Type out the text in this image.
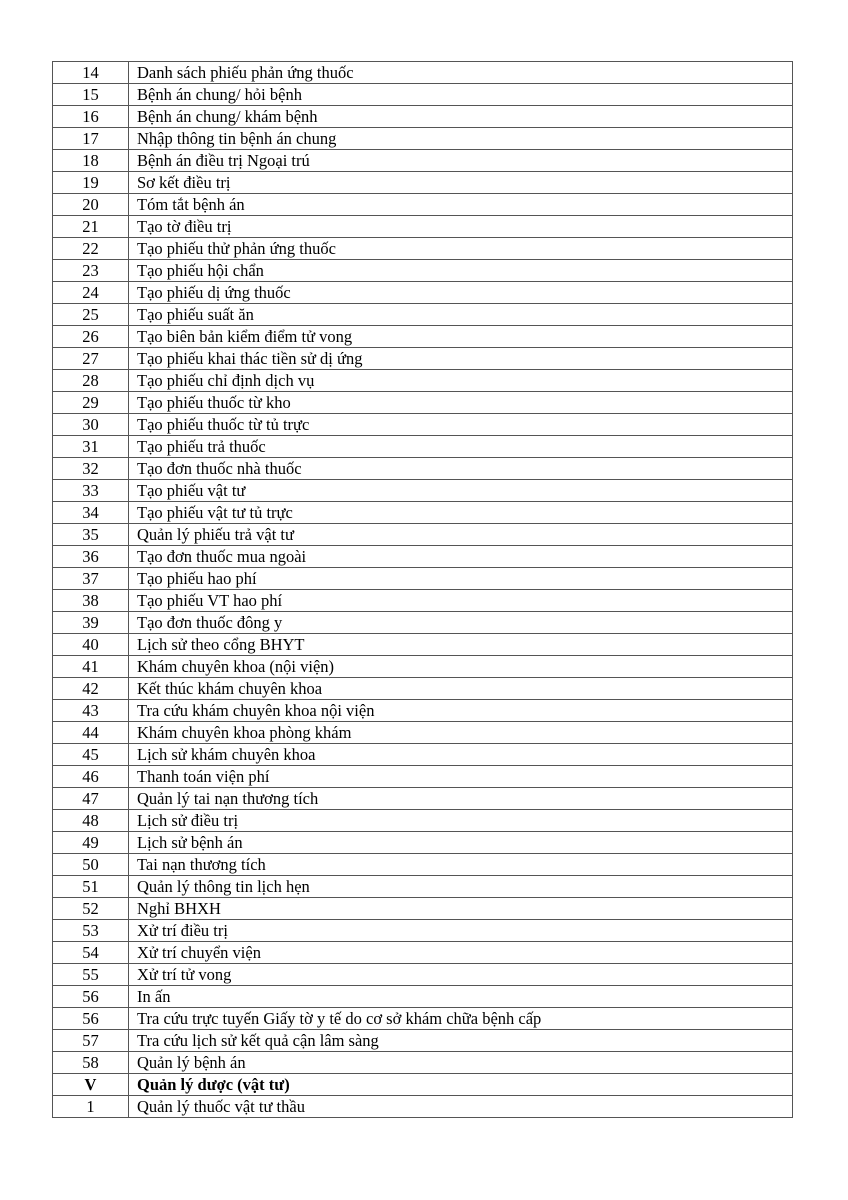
14	Danh sách phiếu phản ứng thuốc
15	Bệnh án chung/ hỏi bệnh
16	Bệnh án chung/ khám bệnh
17	Nhập thông tin bệnh án chung
18	Bệnh án điều trị Ngoại trú
19	Sơ kết điều trị
20	Tóm tắt bệnh án
21	Tạo tờ điều trị
22	Tạo phiếu thử phản ứng thuốc
23	Tạo phiếu hội chẩn
24	Tạo phiếu dị ứng thuốc
25	Tạo phiếu suất ăn
26	Tạo biên bản kiểm điểm tử vong
27	Tạo phiếu khai thác tiền sử dị ứng
28	Tạo phiếu chỉ định dịch vụ
29	Tạo phiếu thuốc từ kho
30	Tạo phiếu thuốc từ tủ trực
31	Tạo phiếu trả thuốc
32	Tạo đơn thuốc nhà thuốc
33	Tạo phiếu vật tư
34	Tạo phiếu vật tư tủ trực
35	Quản lý phiếu trả vật tư
36	Tạo đơn thuốc mua ngoài
37	Tạo phiếu hao phí
38	Tạo phiếu VT hao phí
39	Tạo đơn thuốc đông y
40	Lịch sử theo cổng BHYT
41	Khám chuyên khoa (nội viện)
42	Kết thúc khám chuyên khoa
43	Tra cứu khám chuyên khoa nội viện
44	Khám chuyên khoa phòng khám
45	Lịch sử khám chuyên khoa
46	Thanh toán viện phí
47	Quản lý tai nạn thương tích
48	Lịch sử điều trị
49	Lịch sử bệnh án
50	Tai nạn thương tích
51	Quản lý thông tin lịch hẹn
52	Nghỉ BHXH
53	Xử trí điều trị
54	Xử trí chuyển viện
55	Xử trí tử vong
56	In ấn
56	Tra cứu trực tuyến Giấy tờ y tế do cơ sở khám chữa bệnh cấp
57	Tra cứu lịch sử kết quả cận lâm sàng
58	Quản lý bệnh án
V	Quản lý dược (vật tư)
1	Quản lý thuốc vật tư thầu
